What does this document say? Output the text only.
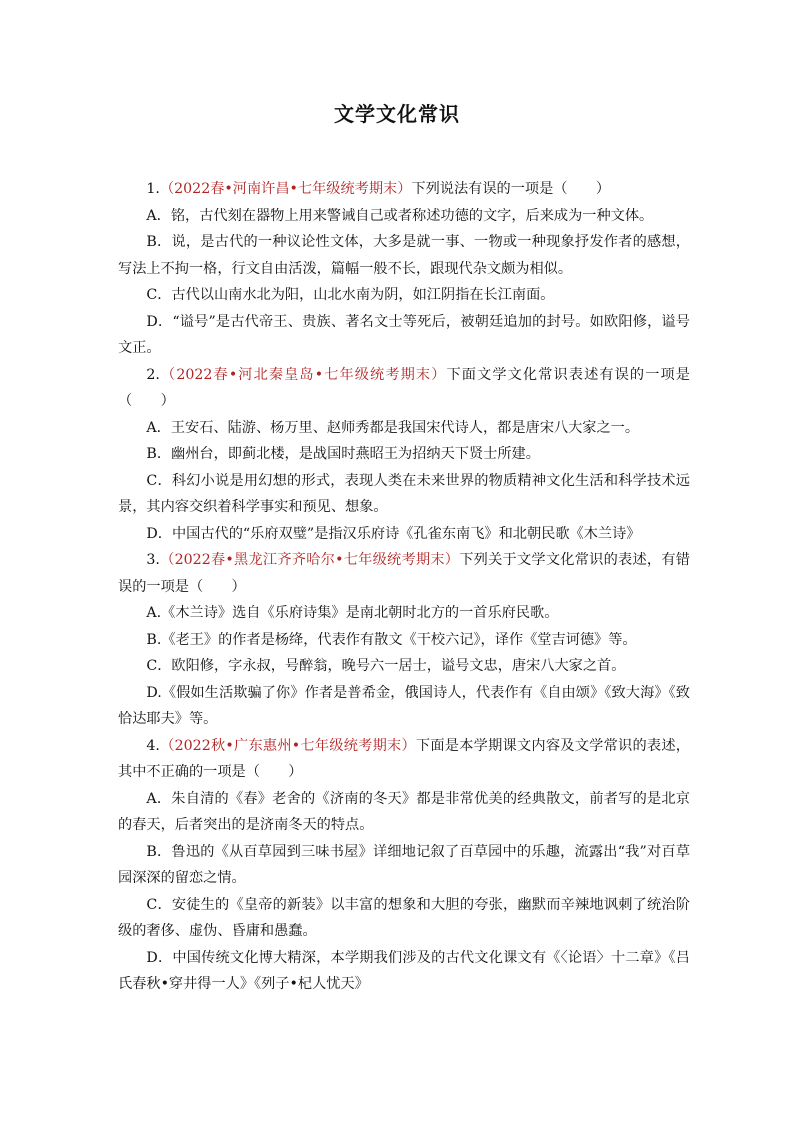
文学文化常识

1.（2022春•河南许昌•七年级统考期末）下列说法有误的一项是（　　）

A．铭，古代刻在器物上用来警诫自己或者称述功德的文字，后来成为一种文体。

B．说，是古代的一种议论性文体，大多是就一事、一物或一种现象抒发作者的感想，写法上不拘一格，行文自由活泼，篇幅一般不长，跟现代杂文颇为相似。

C．古代以山南水北为阳，山北水南为阴，如江阴指在长江南面。

D．“谥号”是古代帝王、贵族、著名文士等死后，被朝廷追加的封号。如欧阳修，谥号文正。

2.（2022春•河北秦皇岛•七年级统考期末）下面文学文化常识表述有误的一项是（　　）

A．王安石、陆游、杨万里、赵师秀都是我国宋代诗人，都是唐宋八大家之一。

B．幽州台，即蓟北楼，是战国时燕昭王为招纳天下贤士所建。

C．科幻小说是用幻想的形式，表现人类在未来世界的物质精神文化生活和科学技术远景，其内容交织着科学事实和预见、想象。

D．中国古代的“乐府双璧”是指汉乐府诗《孔雀东南飞》和北朝民歌《木兰诗》

3.（2022春•黑龙江齐齐哈尔•七年级统考期末）下列关于文学文化常识的表述，有错误的一项是（　　）

A.《木兰诗》选自《乐府诗集》是南北朝时北方的一首乐府民歌。

B.《老王》的作者是杨绛，代表作有散文《干校六记》，译作《堂吉诃德》等。

C．欧阳修，字永叔，号醉翁，晚号六一居士，谥号文忠，唐宋八大家之首。

D.《假如生活欺骗了你》作者是普希金，俄国诗人，代表作有《自由颂》《致大海》《致恰达耶夫》等。

4.（2022秋•广东惠州•七年级统考期末）下面是本学期课文内容及文学常识的表述，其中不正确的一项是（　　）

A．朱自清的《春》老舍的《济南的冬天》都是非常优美的经典散文，前者写的是北京的春天，后者突出的是济南冬天的特点。

B．鲁迅的《从百草园到三味书屋》详细地记叙了百草园中的乐趣，流露出“我”对百草园深深的留恋之情。

C．安徒生的《皇帝的新装》以丰富的想象和大胆的夸张，幽默而辛辣地讽刺了统治阶级的奢侈、虚伪、昏庸和愚蠢。

D．中国传统文化博大精深，本学期我们涉及的古代文化课文有《〈论语〉十二章》《吕氏春秋•穿井得一人》《列子•杞人忧天》
